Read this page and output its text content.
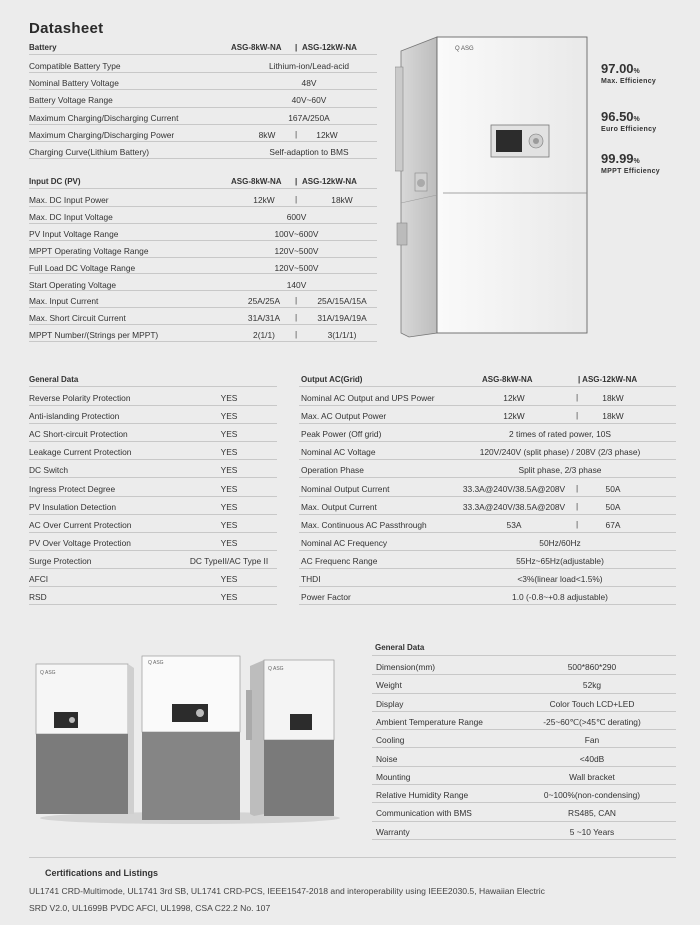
Datasheet
Battery	ASG-8kW-NA | ASG-12kW-NA
Compatible Battery Type	Lithium-ion/Lead-acid
Nominal Battery Voltage	48V
Battery Voltage Range	40V~60V
Maximum Charging/Discharging Current	167A/250A
Maximum Charging/Discharging Power	8kW	|	12kW
Charging Curve(Lithium Battery)	Self-adaption to BMS
Input DC (PV)	ASG-8kW-NA | ASG-12kW-NA
Max. DC Input Power	12kW	|	18kW
Max. DC Input Voltage	600V
PV Input Voltage Range	100V~600V
MPPT Operating Voltage Range	120V~500V
Full Load DC Voltage Range	120V~500V
Start Operating Voltage	140V
Max. Input Current	25A/25A	|	25A/15A/15A
Max. Short Circuit Current	31A/31A	|	31A/19A/19A
MPPT Number/(Strings per MPPT)	2(1/1)	|	3(1/1/1)
Q ASG
97.00%
Max. Efficiency
96.50%
Euro Efficiency
99.99%
MPPT Efficiency
General Data
Reverse Polarity Protection	YES
Anti-islanding Protection	YES
AC Short-circuit Protection	YES
Leakage Current Protection	YES
DC Switch	YES
Ingress Protect Degree	YES
PV Insulation Detection	YES
AC Over Current Protection	YES
PV Over Voltage Protection	YES
Surge Protection	DC TypeII/AC Type II
AFCI	YES
RSD	YES
Output AC(Grid)	ASG-8kW-NA	| ASG-12kW-NA
Nominal AC Output and UPS Power	12kW	|	18kW
Max. AC Output Power	12kW	|	18kW
Peak Power (Off grid)	2 times of rated power, 10S
Nominal AC Voltage	120V/240V (split phase) / 208V (2/3 phase)
Operation Phase	Split phase, 2/3 phase
Nominal Output Current	33.3A@240V/38.5A@208V	|	50A
Max. Output Current	33.3A@240V/38.5A@208V	|	50A
Max. Continuous AC Passthrough	53A	|	67A
Nominal AC Frequency	50Hz/60Hz
AC Frequenc Range	55Hz~65Hz(adjustable)
THDI	<3%(linear load<1.5%)
Power Factor	1.0 (-0.8~+0.8 adjustable)
Q ASG
Q ASG
Q ASG
General Data
Dimension(mm)	500*860*290
Weight	52kg
Display	Color Touch LCD+LED
Ambient Temperature Range	-25~60℃(>45℃ derating)
Cooling	Fan
Noise	<40dB
Mounting	Wall bracket
Relative Humidity Range	0~100%(non-condensing)
Communication with BMS	RS485, CAN
Warranty	5 ~10 Years
Certifications and Listings
UL1741 CRD-Multimode, UL1741 3rd SB, UL1741 CRD-PCS, IEEE1547-2018 and interoperability using IEEE2030.5, Hawaiian Electric
SRD V2.0, UL1699B PVDC AFCI, UL1998, CSA C22.2 No. 107
